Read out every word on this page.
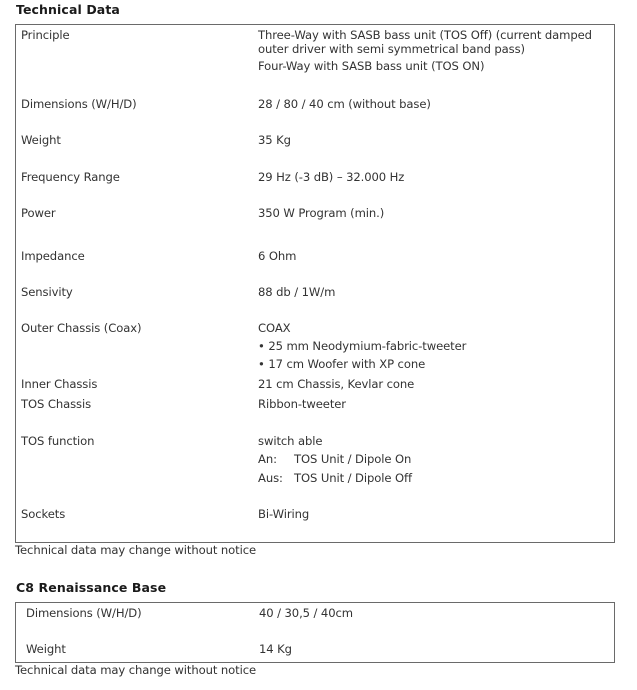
Technical Data
Principle	Three-Way with SASB bass unit (TOS Off) (current damped
outer driver with semi symmetrical band pass)
Four-Way with SASB bass unit (TOS ON)
Dimensions (W/H/D)	28 / 80 / 40 cm (without base)
Weight	35 Kg
Frequency Range	29 Hz (-3 dB) – 32.000 Hz
Power	350 W Program (min.)
Impedance	6 Ohm
Sensivity	88 db / 1W/m
Outer Chassis (Coax)	COAX
• 25 mm Neodymium-fabric-tweeter
• 17 cm Woofer with XP cone
Inner Chassis	21 cm Chassis, Kevlar cone
TOS Chassis	Ribbon-tweeter
TOS function	switch able
An: TOS Unit / Dipole On
Aus: TOS Unit / Dipole Off
Sockets	Bi-Wiring
Technical data may change without notice
C8 Renaissance Base
Dimensions (W/H/D)	40 / 30,5 / 40cm
Weight	14 Kg
Technical data may change without notice
